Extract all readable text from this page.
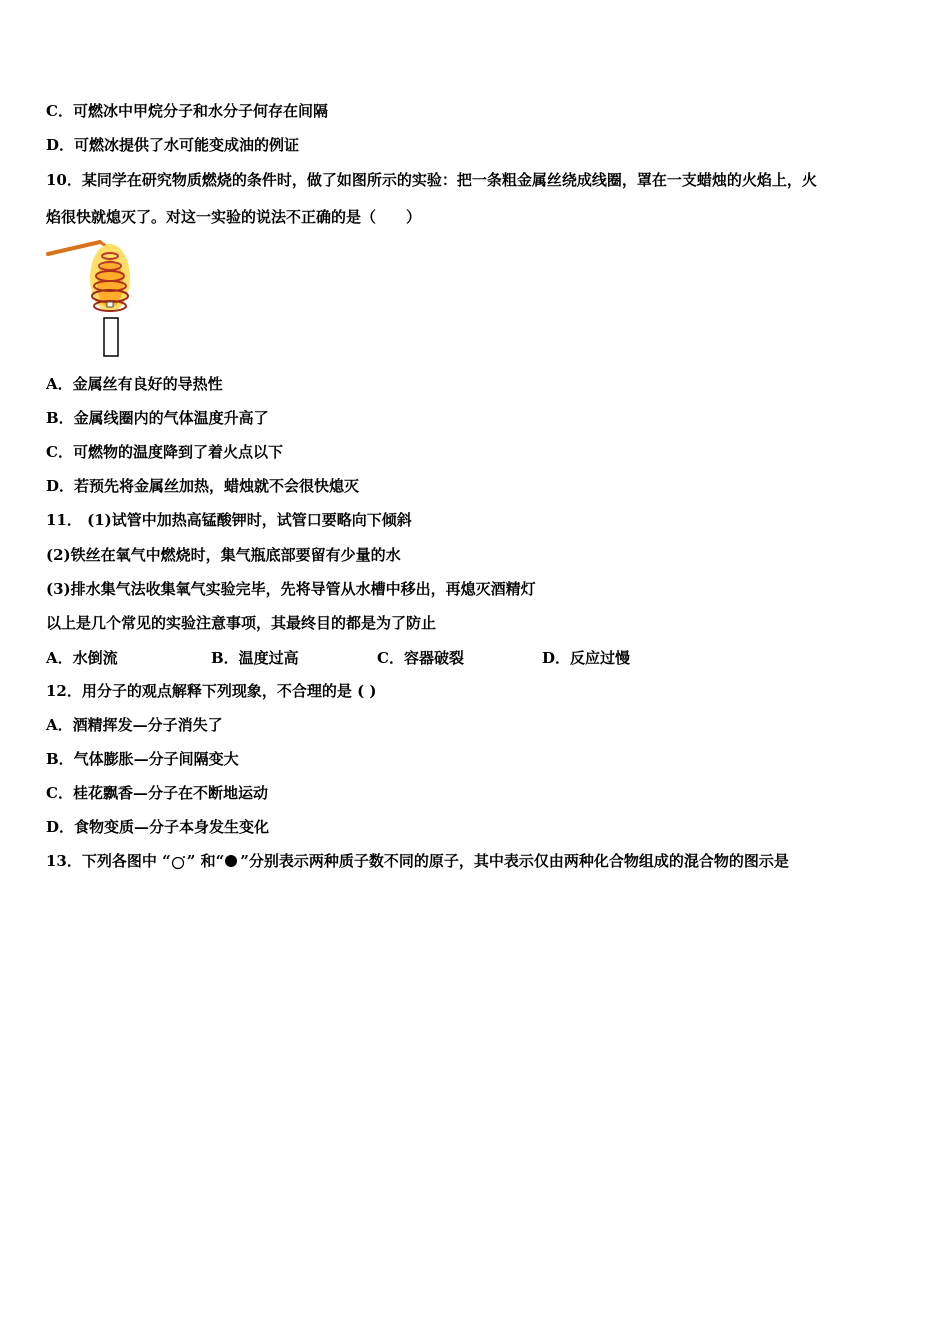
C．可燃冰中甲烷分子和水分子何存在间隔
D．可燃冰提供了水可能变成油的例证
10．某同学在研究物质燃烧的条件时，做了如图所示的实验：把一条粗金属丝绕成线圈，罩在一支蜡烛的火焰上，火
焰很快就熄灭了。对这一实验的说法不正确的是（　　）
A．金属丝有良好的导热性
B．金属线圈内的气体温度升高了
C．可燃物的温度降到了着火点以下
D．若预先将金属丝加热，蜡烛就不会很快熄灭
11． (1)试管中加热高锰酸钾时，试管口要略向下倾斜
(2)铁丝在氧气中燃烧时，集气瓶底部要留有少量的水
(3)排水集气法收集氧气实验完毕，先将导管从水槽中移出，再熄灭酒精灯
以上是几个常见的实验注意事项，其最终目的都是为了防止
A．水倒流	B．温度过高	C．容器破裂	D．反应过慢
12．用分子的观点解释下列现象，不合理的是 ( )
A．酒精挥发—分子消失了
B．气体膨胀—分子间隔变大
C．桂花飘香—分子在不断地运动
D．食物变质—分子本身发生变化
13．下列各图中 “ ” 和“ ”分别表示两种质子数不同的原子，其中表示仅由两种化合物组成的混合物的图示是
